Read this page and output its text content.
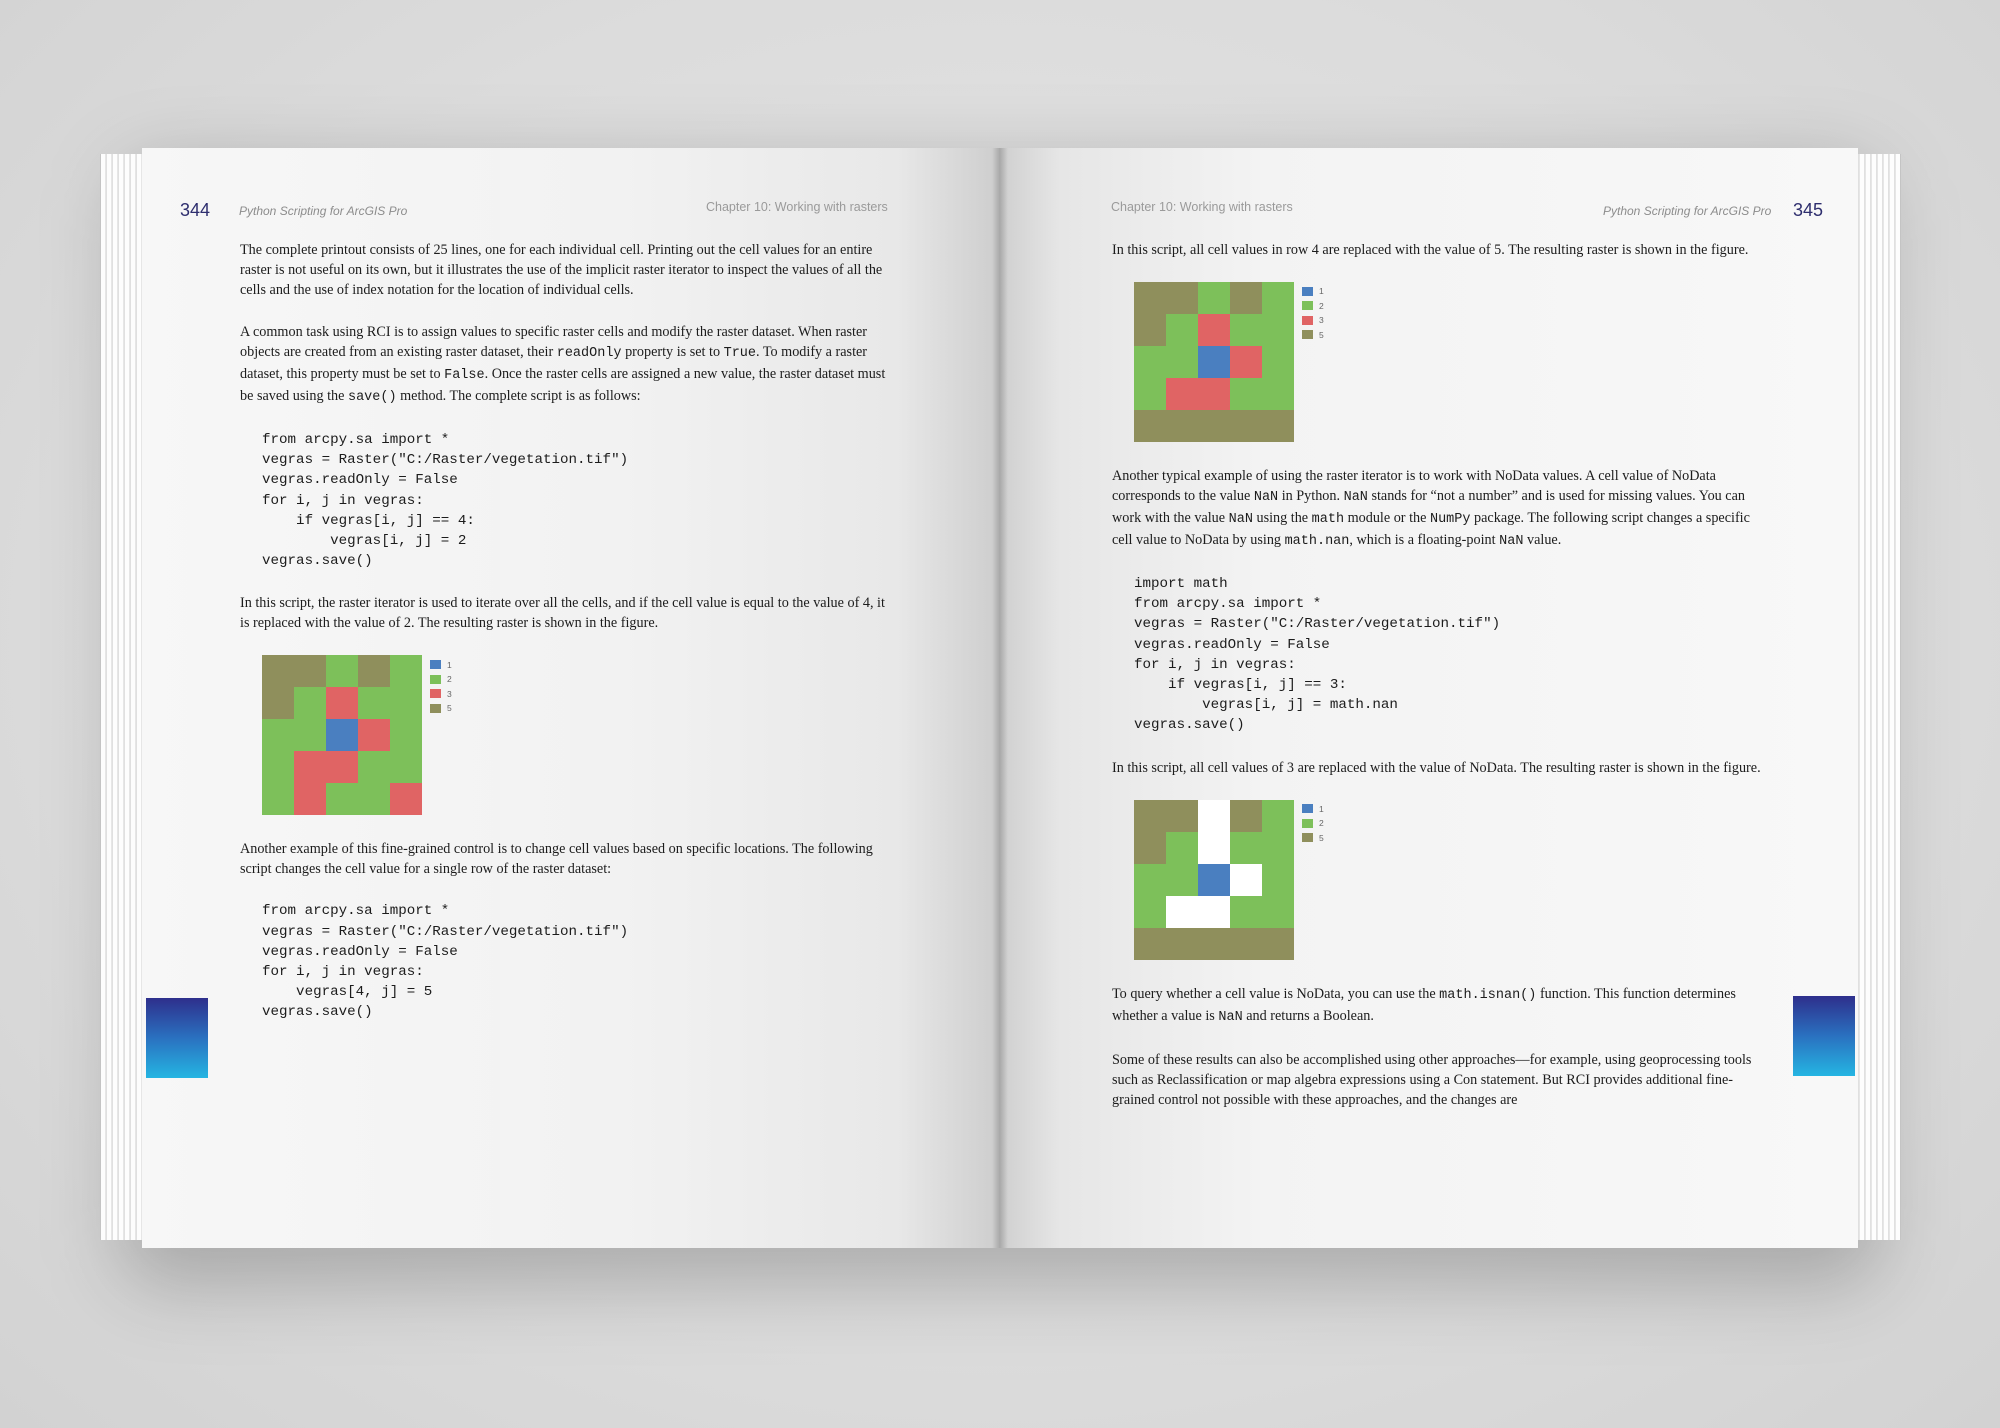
344 Python Scripting for ArcGIS Pro	Chapter 10: Working with rasters

The complete printout consists of 25 lines, one for each individual cell. Printing out the cell values for an entire raster is not useful on its own, but it illustrates the use of the implicit raster iterator to inspect the values of all the cells and the use of index notation for the location of individual cells.

A common task using RCI is to assign values to specific raster cells and modify the raster dataset. When raster objects are created from an existing raster dataset, their readOnly property is set to True. To modify a raster dataset, this property must be set to False. Once the raster cells are assigned a new value, the raster dataset must be saved using the save() method. The complete script is as follows:

from arcpy.sa import *
vegras = Raster("C:/Raster/vegetation.tif")
vegras.readOnly = False
for i, j in vegras:
if vegras[i, j] == 4:
vegras[i, j] = 2
vegras.save()

In this script, the raster iterator is used to iterate over all the cells, and if the cell value is equal to the value of 4, it is replaced with the value of 2. The resulting raster is shown in the figure.

1
2
3
5

Another example of this fine-grained control is to change cell values based on specific locations. The following script changes the cell value for a single row of the raster dataset:

from arcpy.sa import *
vegras = Raster("C:/Raster/vegetation.tif")
vegras.readOnly = False
for i, j in vegras:
vegras[4, j] = 5
vegras.save()
Chapter 10: Working with rasters	Python Scripting for ArcGIS Pro 345

In this script, all cell values in row 4 are replaced with the value of 5. The resulting raster is shown in the figure.

1
2
3
5

Another typical example of using the raster iterator is to work with NoData values. A cell value of NoData corresponds to the value NaN in Python. NaN stands for “not a number” and is used for missing values. You can work with the value NaN using the math module or the NumPy package. The following script changes a specific cell value to NoData by using math.nan, which is a floating-point NaN value.

import math
from arcpy.sa import *
vegras = Raster("C:/Raster/vegetation.tif")
vegras.readOnly = False
for i, j in vegras:
if vegras[i, j] == 3:
vegras[i, j] = math.nan
vegras.save()

In this script, all cell values of 3 are replaced with the value of NoData. The resulting raster is shown in the figure.

1
2
5

To query whether a cell value is NoData, you can use the math.isnan() function. This function determines whether a value is NaN and returns a Boolean.

Some of these results can also be accomplished using other approaches—for example, using geoprocessing tools such as Reclassification or map algebra expressions using a Con statement. But RCI provides additional fine-grained control not possible with these approaches, and the changes are
